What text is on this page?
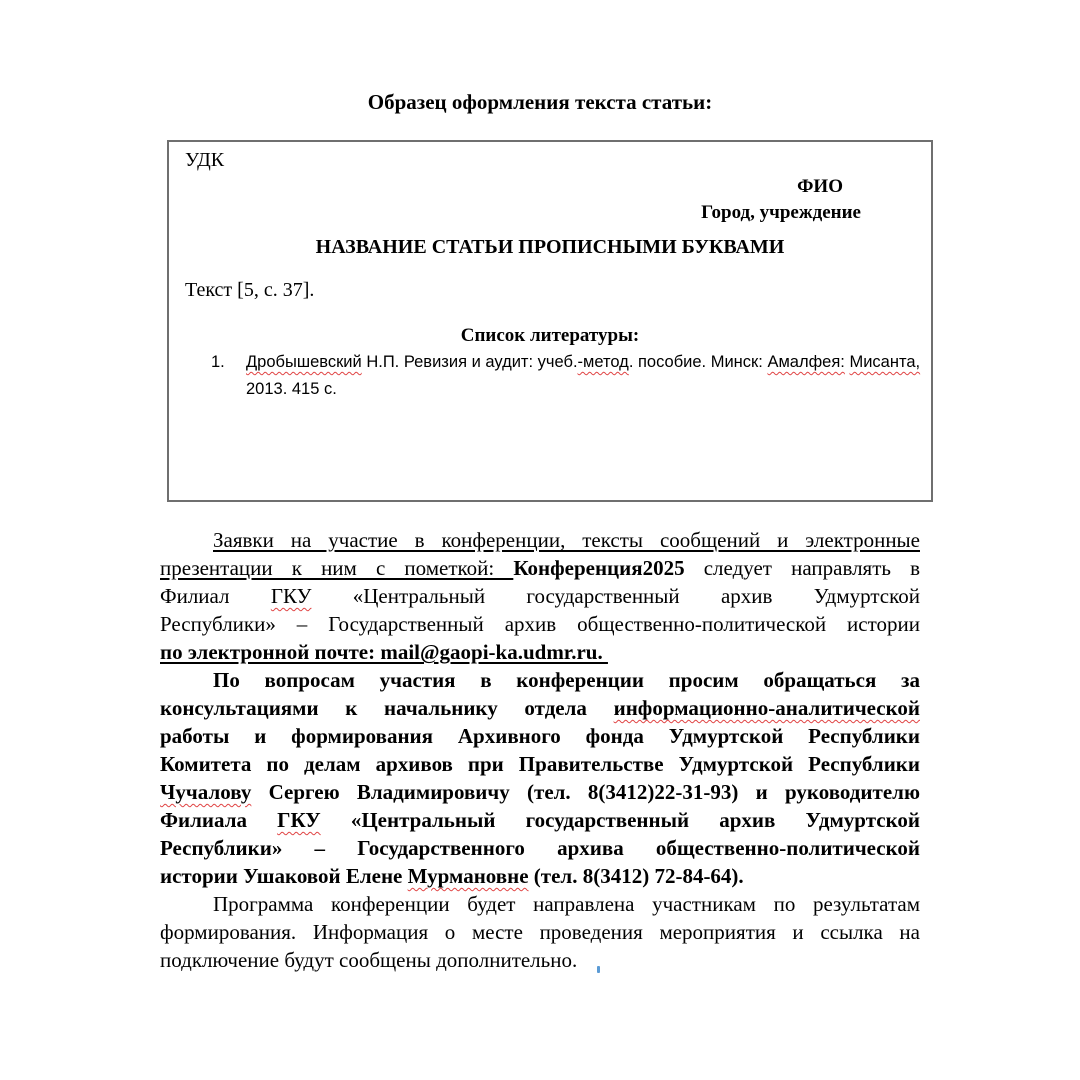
Образец оформления текста статьи:
УДК
ФИО
Город, учреждение
НАЗВАНИЕ СТАТЬИ ПРОПИСНЫМИ БУКВАМИ
Текст [5, с. 37].
Список литературы:
1.	Дробышевский Н.П. Ревизия и аудит: учеб.-метод. пособие. Минск: Амалфея: Мисанта,
2013. 415 с.
Заявки на участие в конференции, тексты сообщений и электронные
презентации к ним с пометкой: Конференция2025 следует направлять в
Филиал ГКУ «Центральный государственный архив Удмуртской
Республики» – Государственный архив общественно-политической истории
по электронной почте: mail@gaopi-ka.udmr.ru.
По вопросам участия в конференции просим обращаться за
консультациями к начальнику отдела информационно-аналитической
работы и формирования Архивного фонда Удмуртской Республики
Комитета по делам архивов при Правительстве Удмуртской Республики
Чучалову Сергею Владимировичу (тел. 8(3412)22-31-93) и руководителю
Филиала ГКУ «Центральный государственный архив Удмуртской
Республики» – Государственного архива общественно-политической
истории Ушаковой Елене Мурмановне (тел. 8(3412) 72-84-64).
Программа конференции будет направлена участникам по результатам
формирования. Информация о месте проведения мероприятия и ссылка на
подключение будут сообщены дополнительно.
